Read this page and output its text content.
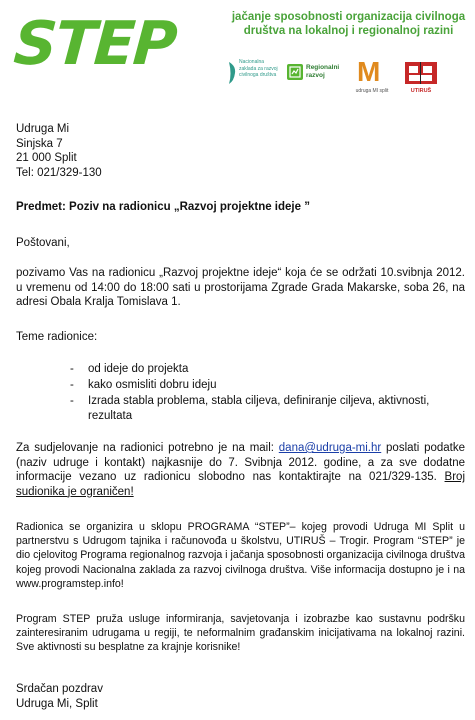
STEP	jačanje sposobnosti organizacija civilnoga
društva na lokalnoj i regionalnoj razini
Nacionalna zaklada za razvoj civilnoga društva
Regionalni razvoj	M
udruga MI split	UTIRUŠ
Udruga Mi
Sinjska 7
21 000 Split
Tel: 021/329-130
Predmet: Poziv na radionicu „Razvoj projektne ideje ”
Poštovani,
pozivamo Vas na radionicu „Razvoj projektne ideje“ koja će se održati 10.svibnja 2012. u vremenu od 14:00 do 18:00 sati u prostorijama Zgrade Grada Makarske, soba 26, na adresi Obala Kralja Tomislava 1.
Teme radionice:
- od ideje do projekta
- kako osmisliti dobru ideju
- Izrada stabla problema, stabla ciljeva, definiranje ciljeva, aktivnosti, rezultata
Za sudjelovanje na radionici potrebno je na mail: dana@udruga-mi.hr poslati podatke (naziv udruge i kontakt) najkasnije do 7. Svibnja 2012. godine, a za sve dodatne informacije vezano uz radionicu slobodno nas kontaktirajte na 021/329-135. Broj sudionika je ograničen!
Radionica se organizira u sklopu PROGRAMA “STEP”– kojeg provodi Udruga MI Split u partnerstvu s Udrugom tajnika i računovođa u školstvu, UTIRUŠ – Trogir. Program “STEP” je dio cjelovitog Programa regionalnog razvoja i jačanja sposobnosti organizacija civilnoga društva kojeg provodi Nacionalna zaklada za razvoj civilnoga društva. Više informacija dostupno je i na www.programstep.info!
Program STEP pruža usluge informiranja, savjetovanja i izobrazbe kao sustavnu podršku zainteresiranim udrugama u regiji, te neformalnim građanskim inicijativama na lokalnoj razini. Sve aktivnosti su besplatne za krajnje korisnike!
Srdačan pozdrav
Udruga Mi, Split
